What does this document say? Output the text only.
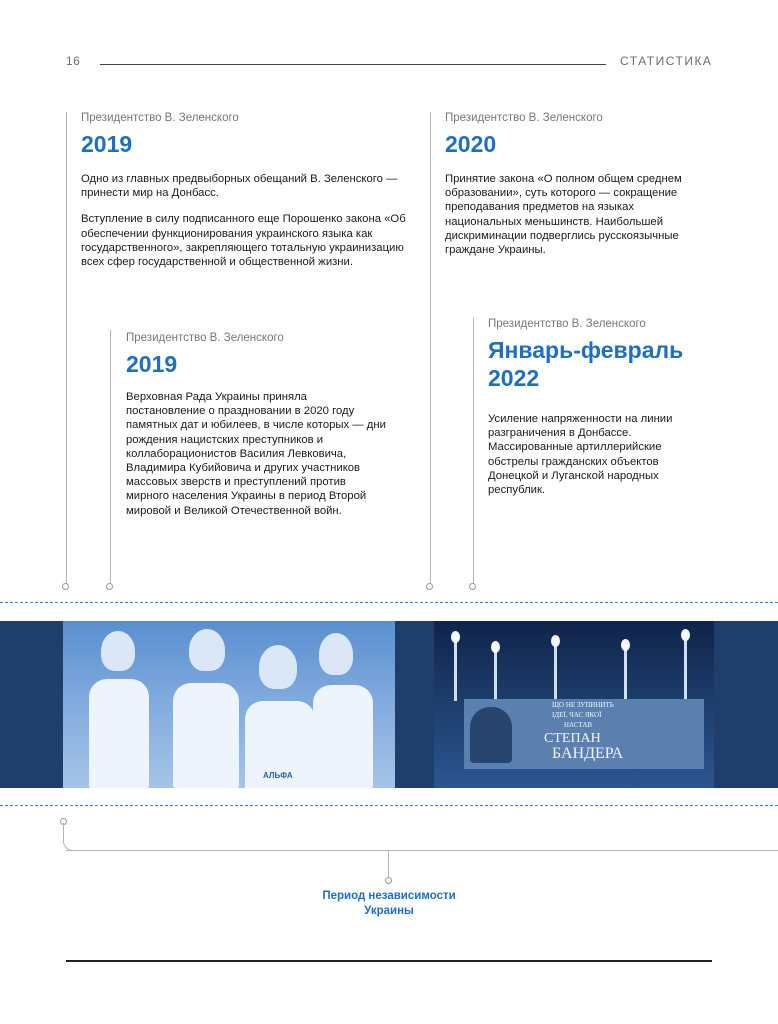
16	СТАТИСТИКА
Президентство В. Зеленского
2019

Одно из главных предвыборных обещаний В. Зеленского — принести мир на Донбасс.

Вступление в силу подписанного еще Порошенко закона «Об обеспечении функционирования украинского языка как государственного», закрепляющего тотальную украинизацию всех сфер государственной и общественной жизни.

Президентство В. Зеленского
2020

Принятие закона «О полном общем среднем образовании», суть которого — сокращение преподавания предметов на языках национальных меньшинств. Наибольшей дискриминации подверглись русскоязычные граждане Украины.

Президентство В. Зеленского
2019

Верховная Рада Украины приняла постановление о праздновании в 2020 году памятных дат и юбилеев, в числе которых — дни рождения нацистских преступников и коллаборационистов Василия Левковича, Владимира Кубийовича и других участников массовых зверств и преступлений против мирного населения Украины в период Второй мировой и Великой Отечественной войн.

Президентство В. Зеленского
Январь-февраль
2022

Усиление напряженности на линии разграничения в Донбассе. Массированные артиллерийские обстрелы гражданских объектов Донецкой и Луганской народных республик.

АЛЬФА
ЩО НЕ ЗУПИНИТЬ
ІДЕЇ, ЧАС ЯКОЇ
НАСТАВ
СТЕПАН
БАНДЕРА
Период независимости
Украины
